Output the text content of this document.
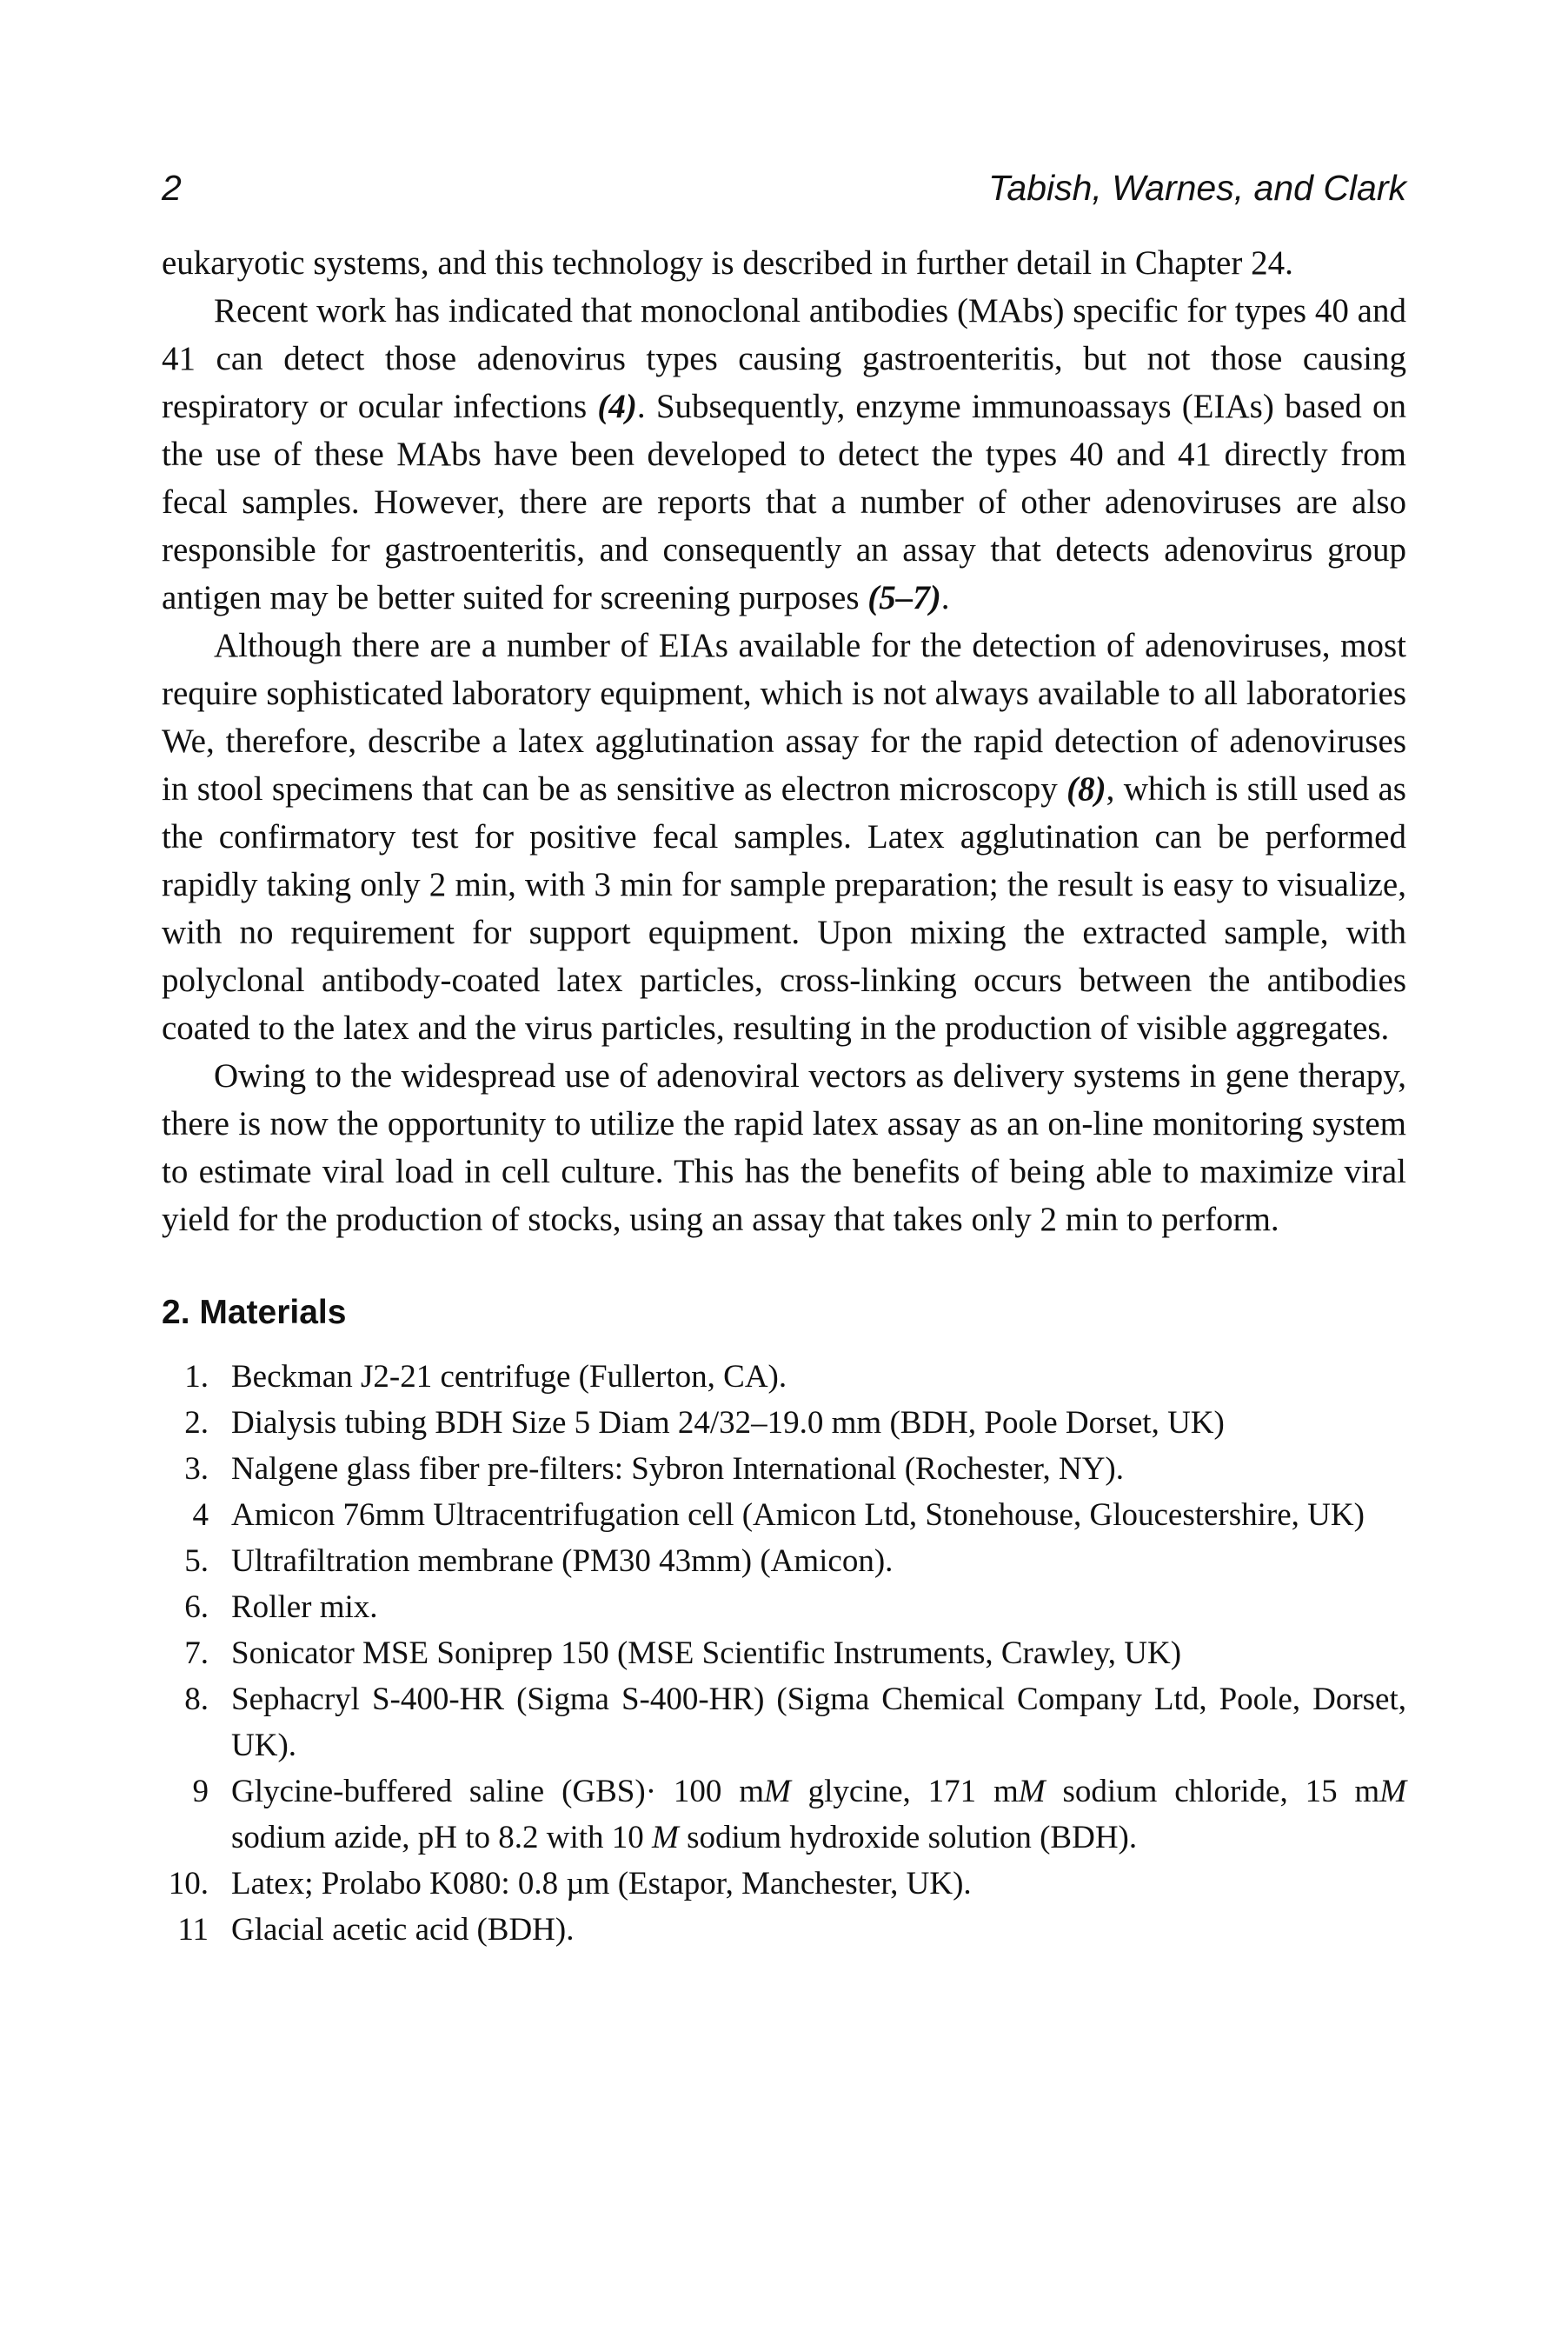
2	Tabish, Warnes, and Clark

eukaryotic systems, and this technology is described in further detail in Chapter 24.

Recent work has indicated that monoclonal antibodies (MAbs) specific for types 40 and 41 can detect those adenovirus types causing gastroenteritis, but not those causing respiratory or ocular infections (4). Subsequently, enzyme immunoassays (EIAs) based on the use of these MAbs have been developed to detect the types 40 and 41 directly from fecal samples. However, there are reports that a number of other adenoviruses are also responsible for gastroenteritis, and consequently an assay that detects adenovirus group antigen may be better suited for screening purposes (5–7).

Although there are a number of EIAs available for the detection of adenoviruses, most require sophisticated laboratory equipment, which is not always available to all laboratories We, therefore, describe a latex agglutination assay for the rapid detection of adenoviruses in stool specimens that can be as sensitive as electron microscopy (8), which is still used as the confirmatory test for positive fecal samples. Latex agglutination can be performed rapidly taking only 2 min, with 3 min for sample preparation; the result is easy to visualize, with no requirement for support equipment. Upon mixing the extracted sample, with polyclonal antibody-coated latex particles, cross-linking occurs between the antibodies coated to the latex and the virus particles, resulting in the production of visible aggregates.

Owing to the widespread use of adenoviral vectors as delivery systems in gene therapy, there is now the opportunity to utilize the rapid latex assay as an on-line monitoring system to estimate viral load in cell culture. This has the benefits of being able to maximize viral yield for the production of stocks, using an assay that takes only 2 min to perform.

2. Materials
1. Beckman J2-21 centrifuge (Fullerton, CA).
2. Dialysis tubing BDH Size 5 Diam 24/32–19.0 mm (BDH, Poole Dorset, UK)
3. Nalgene glass fiber pre-filters: Sybron International (Rochester, NY).
4 Amicon 76mm Ultracentrifugation cell (Amicon Ltd, Stonehouse, Gloucestershire, UK)
5. Ultrafiltration membrane (PM30 43mm) (Amicon).
6. Roller mix.
7. Sonicator MSE Soniprep 150 (MSE Scientific Instruments, Crawley, UK)
8. Sephacryl S-400-HR (Sigma S-400-HR) (Sigma Chemical Company Ltd, Poole, Dorset, UK).
9 Glycine-buffered saline (GBS)· 100 mM glycine, 171 mM sodium chloride, 15 mM sodium azide, pH to 8.2 with 10 M sodium hydroxide solution (BDH).
10. Latex; Prolabo K080: 0.8 µm (Estapor, Manchester, UK).
11 Glacial acetic acid (BDH).
